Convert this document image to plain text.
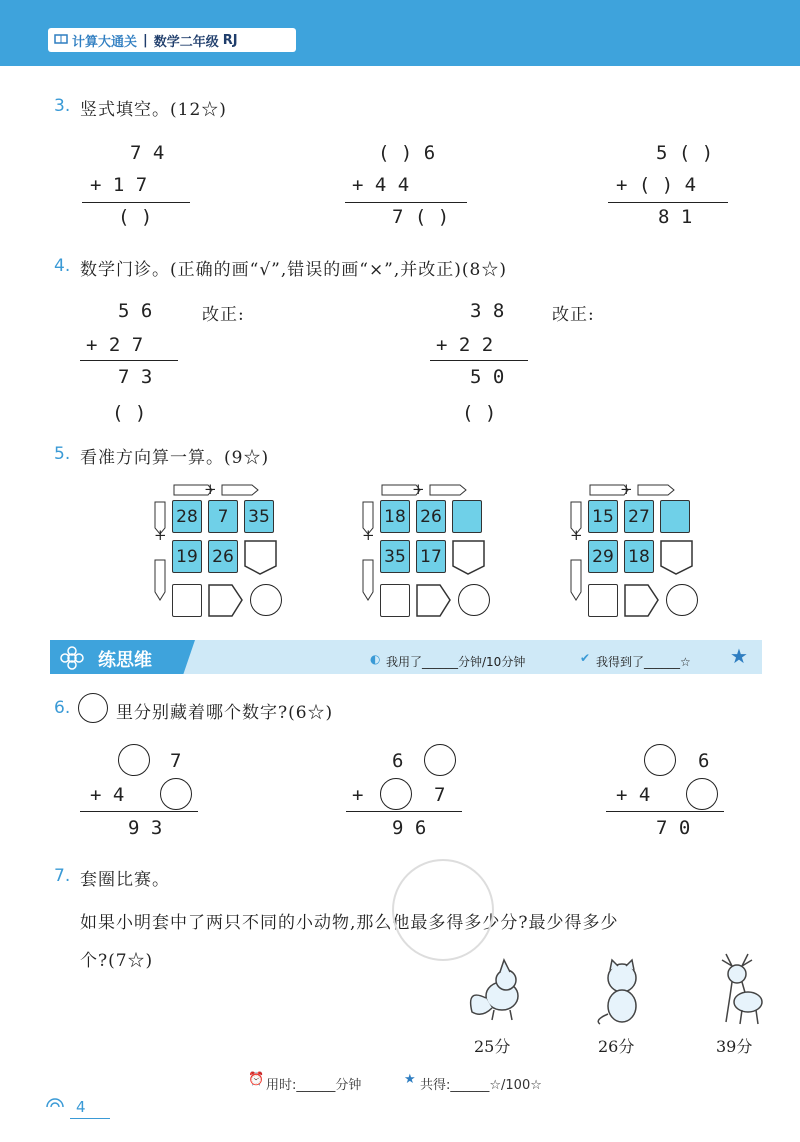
计算大通关 | 数学二年级 RJ
3. 竖式填空。(12☆)
7 4
+ 1 7
( )
( ) 6
+ 4 4
7 ( )
5 ( )
+ ( ) 4
8 1
4. 数学门诊。(正确的画“√”,错误的画“×”,并改正)(8☆)
5 6	改正:
+ 2 7
7 3
( )
3 8	改正:
+ 2 2
5 0
( )
5. 看准方向算一算。(9☆)
+
+
28	7	35
19 26
+
+
18 26
35 17
+
+
15 27
29 18
练思维	◐ 我用了______分钟/10分钟	✔ 我得到了______☆ ★
6.	里分别藏着哪个数字?(6☆)
7
+ 4
9 3
6
+	7
9 6
6
+ 4
7 0
7. 套圈比赛。
如果小明套中了两只不同的小动物,那么他最多得多少分?最少得多少
个?(7☆)
25分	26分	39分
⏰ 用时:______分钟	★ 共得:______☆/100☆
4
